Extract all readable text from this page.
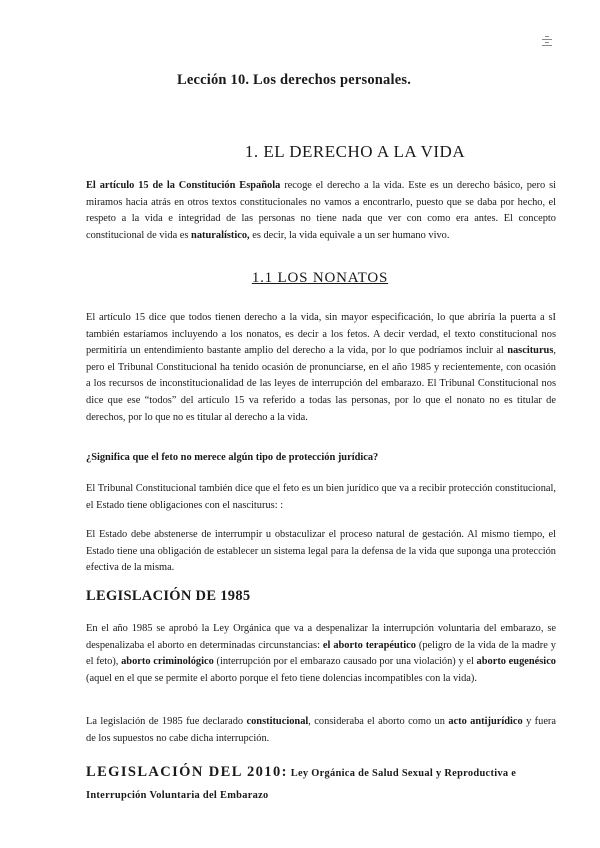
Lección 10. Los derechos personales.
1. EL DERECHO A LA VIDA

El artículo 15 de la Constitución Española recoge el derecho a la vida. Este es un derecho básico, pero si miramos hacia atrás en otros textos constitucionales no vamos a encontrarlo, puesto que se daba por hecho, el respeto a la vida e integridad de las personas no tiene nada que ver con como era antes. El concepto constitucional de vida es naturalístico, es decir, la vida equivale a un ser humano vivo.

1.1 LOS NONATOS

El artículo 15 dice que todos tienen derecho a la vida, sin mayor especificación, lo que abriría la puerta a sI también estaríamos incluyendo a los nonatos, es decir a los fetos. A decir verdad, el texto constitucional nos permitiría un entendimiento bastante amplio del derecho a la vida, por lo que podríamos incluir al nasciturus, pero el Tribunal Constitucional ha tenido ocasión de pronunciarse, en el año 1985 y recientemente, con ocasión a los recursos de inconstitucionalidad de las leyes de interrupción del embarazo. El Tribunal Constitucional nos dice que ese “todos” del artículo 15 va referido a todas las personas, por lo que el nonato no es titular de derechos, por lo que no es titular al derecho a la vida.

¿Significa que el feto no merece algún tipo de protección jurídica?

El Tribunal Constitucional también dice que el feto es un bien jurídico que va a recibir protección constitucional, el Estado tiene obligaciones con el nasciturus: :

El Estado debe abstenerse de interrumpir u obstaculizar el proceso natural de gestación. Al mismo tiempo, el Estado tiene una obligación de establecer un sistema legal para la defensa de la vida que suponga una protección efectiva de la misma.

LEGISLACIÓN DE 1985

En el año 1985 se aprobó la Ley Orgánica que va a despenalizar la interrupción voluntaria del embarazo, se despenalizaba el aborto en determinadas circunstancias: el aborto terapéutico (peligro de la vida de la madre y el feto), aborto criminológico (interrupción por el embarazo causado por una violación) y el aborto eugenésico (aquel en el que se permite el aborto porque el feto tiene dolencias incompatibles con la vida).

La legislación de 1985 fue declarado constitucional, consideraba el aborto como un acto antijurídico y fuera de los supuestos no cabe dicha interrupción.

LEGISLACIÓN DEL 2010: Ley Orgánica de Salud Sexual y Reproductiva e Interrupción Voluntaria del Embarazo
